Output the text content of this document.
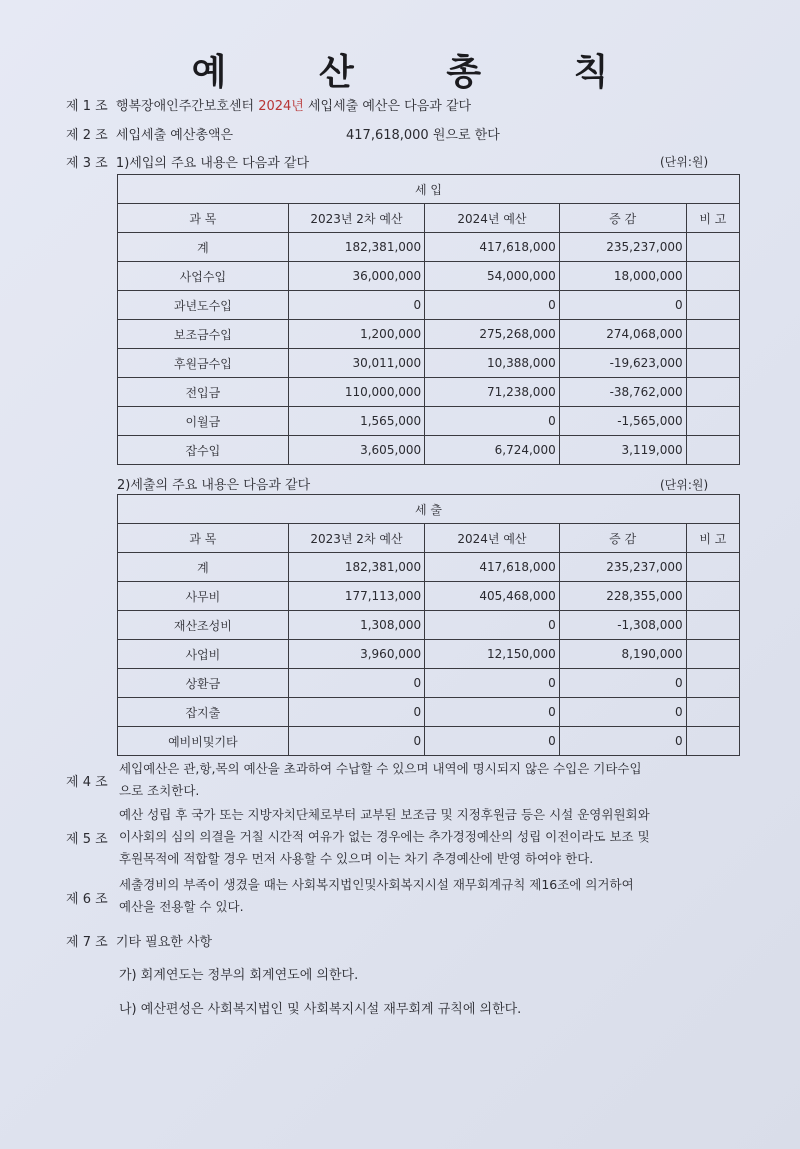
예 산 총 칙
제 1 조 행복장애인주간보호센터 2024년 세입세출 예산은 다음과 같다
제 2 조 세입세출 예산총액은	417,618,000 원으로 한다
제 3 조 1)세입의 주요 내용은 다음과 같다	(단위:원)
세 입				
과 목	2023년 2차 예산	2024년 예산	증 감	비 고
계	182,381,000	417,618,000	235,237,000	
사업수입	36,000,000	54,000,000	18,000,000	
과년도수입	0	0	0	
보조금수입	1,200,000	275,268,000	274,068,000	
후원금수입	30,011,000	10,388,000	-19,623,000	
전입금	110,000,000	71,238,000	-38,762,000	
이월금	1,565,000	0	-1,565,000	
잡수입	3,605,000	6,724,000	3,119,000	
2)세출의 주요 내용은 다음과 같다	(단위:원)
세 출				
과 목	2023년 2차 예산	2024년 예산	증 감	비 고
계	182,381,000	417,618,000	235,237,000	
사무비	177,113,000	405,468,000	228,355,000	
재산조성비	1,308,000	0	-1,308,000	
사업비	3,960,000	12,150,000	8,190,000	
상환금	0	0	0	
잡지출	0	0	0	
예비비및기타	0	0	0	
제 4 조
세입예산은 관,항,목의 예산을 초과하여 수납할 수 있으며 내역에 명시되지 않은 수입은 기타수입
으로 조치한다.
제 5 조
예산 성립 후 국가 또는 지방자치단체로부터 교부된 보조금 및 지정후원금 등은 시설 운영위원회와
이사회의 심의 의결을 거칠 시간적 여유가 없는 경우에는 추가경정예산의 성립 이전이라도 보조 및
후원목적에 적합할 경우 먼저 사용할 수 있으며 이는 차기 추경예산에 반영 하여야 한다.
제 6 조
세출경비의 부족이 생겼을 때는 사회복지법인및사회복지시설 재무회계규칙 제16조에 의거하여
예산을 전용할 수 있다.
제 7 조 기타 필요한 사항
가) 회계연도는 정부의 회계연도에 의한다.
나) 예산편성은 사회복지법인 및 사회복지시설 재무회계 규칙에 의한다.
